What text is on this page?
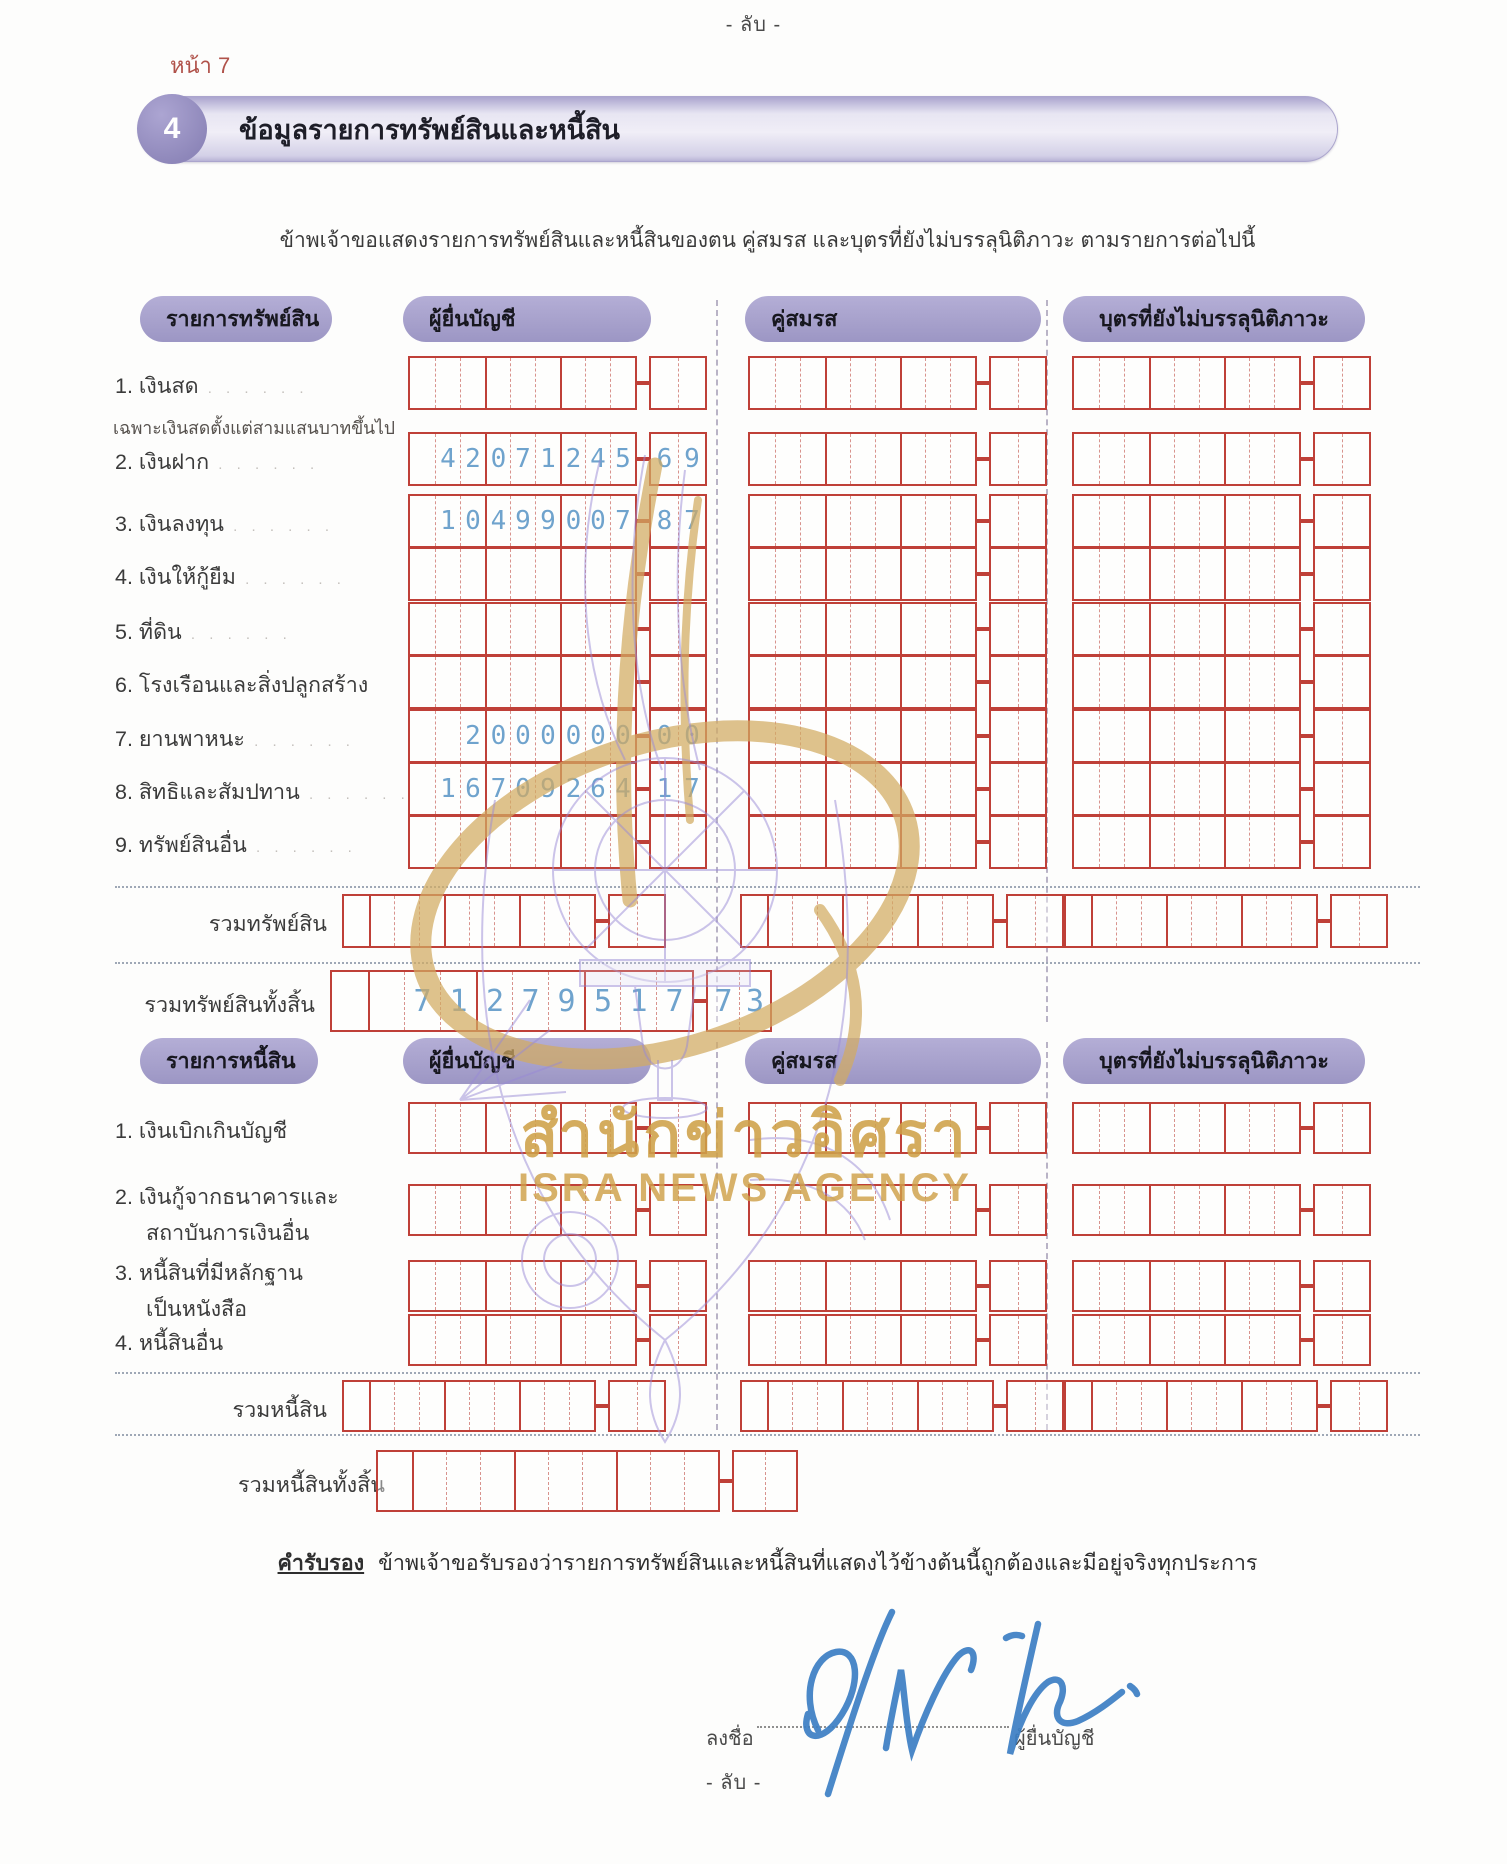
- ลับ -
หน้า 7
4	ข้อมูลรายการทรัพย์สินและหนี้สิน
ข้าพเจ้าขอแสดงรายการทรัพย์สินและหนี้สินของตน คู่สมรส และบุตรที่ยังไม่บรรลุนิติภาวะ ตามรายการต่อไปนี้
รายการทรัพย์สิน	ผู้ยื่นบัญชี	คู่สมรส	บุตรที่ยังไม่บรรลุนิติภาวะ
รายการหนี้สิน	ผู้ยื่นบัญชี	คู่สมรส	บุตรที่ยังไม่บรรลุนิติภาวะ
1. เงินสด . . . . . .
เฉพาะเงินสดตั้งแต่สามแสนบาทขึ้นไป
2. เงินฝาก . . . . . .	4 2 0 7 1 2 4 5 6 9
3. เงินลงทุน . . . . . .	1 0 4 9 9 0 0 7 8 7
4. เงินให้กู้ยืม . . . . . .
5. ที่ดิน . . . . . .
6. โรงเรือนและสิ่งปลูกสร้าง
7. ยานพาหนะ . . . . . .	2 0 0 0 0 0 0 0 0
8. สิทธิและสัมปทาน . . . . . . 1 6 7 0 9 2 6 4 1 7
9. ทรัพย์สินอื่น . . . . . .
รวมทรัพย์สิน
รวมทรัพย์สินทั้งสิ้น	7 1 2 7 9 5 1 7 7 3
1. เงินเบิกเกินบัญชี
2. เงินกู้จากธนาคารและ
สถาบันการเงินอื่น
3. หนี้สินที่มีหลักฐาน
เป็นหนังสือ
4. หนี้สินอื่น
รวมหนี้สิน
รวมหนี้สินทั้งสิ้น
สำนักข่าวอิศรา
ISRA NEWS AGENCY
คำรับรอง ข้าพเจ้าขอรับรองว่ารายการทรัพย์สินและหนี้สินที่แสดงไว้ข้างต้นนี้ถูกต้องและมีอยู่จริงทุกประการ
ลงชื่อ	ผู้ยื่นบัญชี
- ลับ -
